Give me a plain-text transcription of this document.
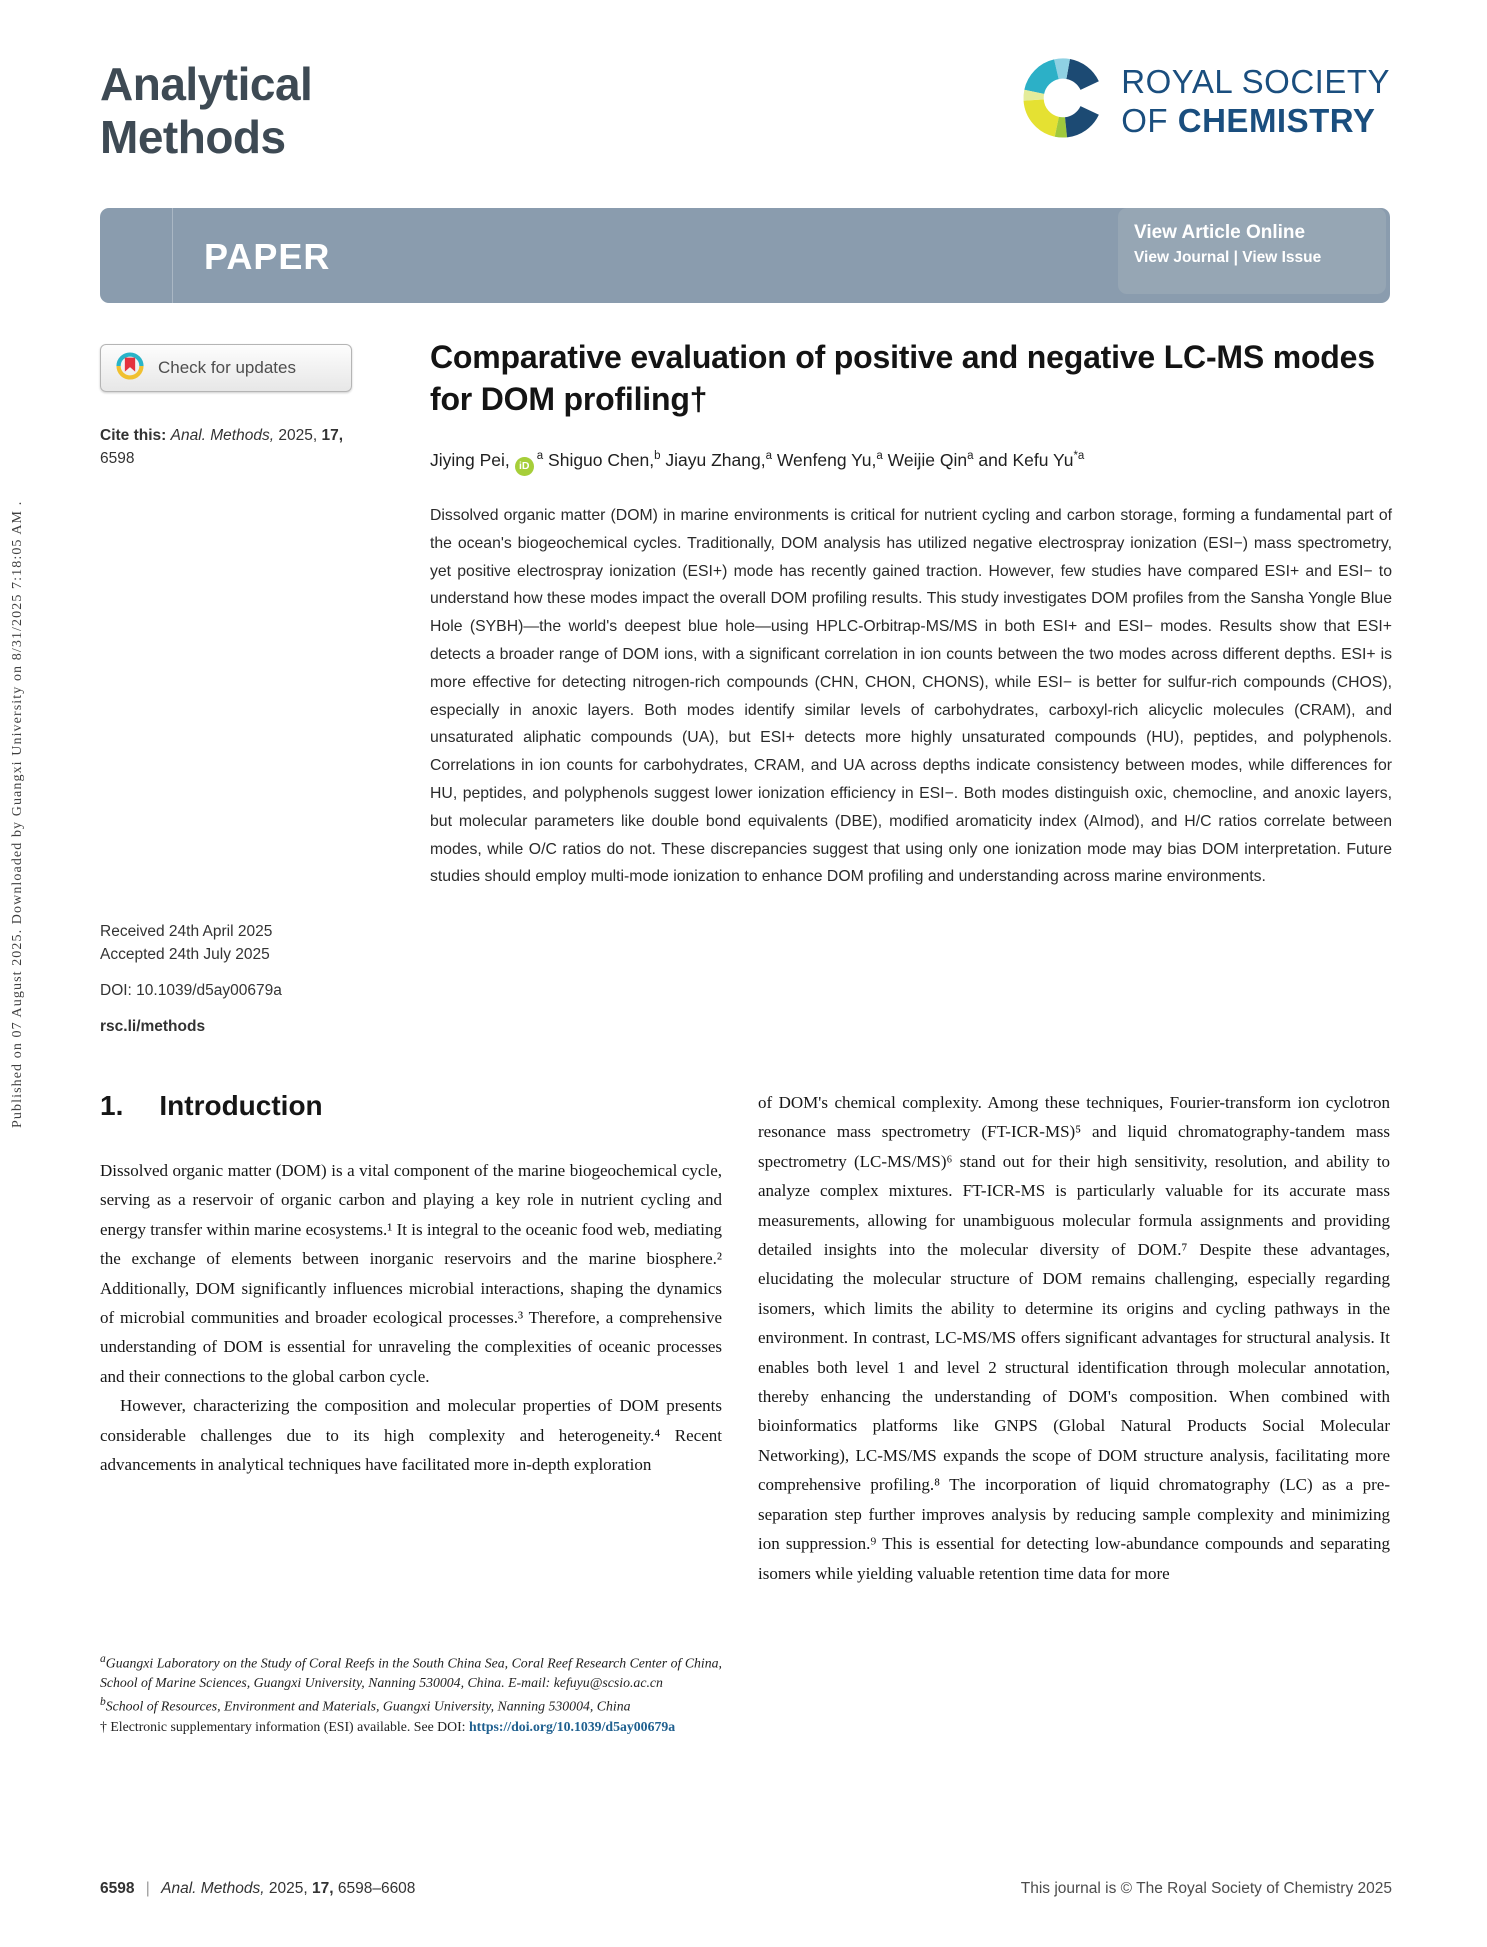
Published on 07 August 2025. Downloaded by Guangxi University on 8/31/2025 7:18:05 AM .
Analytical
Methods
ROYAL SOCIETY
OF CHEMISTRY
PAPER
View Article Online
View Journal | View Issue
Check for updates
Cite this: Anal. Methods, 2025, 17,
6598
Received 24th April 2025
Accepted 24th July 2025
DOI: 10.1039/d5ay00679a
rsc.li/methods
Comparative evaluation of positive and negative LC-MS modes for DOM profiling†
Jiying Pei, $iD^a$ Shiguo Chen,$^b$ Jiayu Zhang,$^a$ Wenfeng Yu,$^a$ Weijie Qin$^a$ and Kefu Yu$^{*a}$
Dissolved organic matter (DOM) in marine environments is critical for nutrient cycling and carbon storage, forming a fundamental part of the ocean's biogeochemical cycles. Traditionally, DOM analysis has utilized negative electrospray ionization (ESI−) mass spectrometry, yet positive electrospray ionization (ESI+) mode has recently gained traction. However, few studies have compared ESI+ and ESI− to understand how these modes impact the overall DOM profiling results. This study investigates DOM profiles from the Sansha Yongle Blue Hole (SYBH)—the world's deepest blue hole—using HPLC-Orbitrap-MS/MS in both ESI+ and ESI− modes. Results show that ESI+ detects a broader range of DOM ions, with a significant correlation in ion counts between the two modes across different depths. ESI+ is more effective for detecting nitrogen-rich compounds (CHN, CHON, CHONS), while ESI− is better for sulfur-rich compounds (CHOS), especially in anoxic layers. Both modes identify similar levels of carbohydrates, carboxyl-rich alicyclic molecules (CRAM), and unsaturated aliphatic compounds (UA), but ESI+ detects more highly unsaturated compounds (HU), peptides, and polyphenols. Correlations in ion counts for carbohydrates, CRAM, and UA across depths indicate consistency between modes, while differences for HU, peptides, and polyphenols suggest lower ionization efficiency in ESI−. Both modes distinguish oxic, chemocline, and anoxic layers, but molecular parameters like double bond equivalents (DBE), modified aromaticity index (AImod), and H/C ratios correlate between modes, while O/C ratios do not. These discrepancies suggest that using only one ionization mode may bias DOM interpretation. Future studies should employ multi-mode ionization to enhance DOM profiling and understanding across marine environments.
1. Introduction

Dissolved organic matter (DOM) is a vital component of the marine biogeochemical cycle, serving as a reservoir of organic carbon and playing a key role in nutrient cycling and energy transfer within marine ecosystems.¹ It is integral to the oceanic food web, mediating the exchange of elements between inorganic reservoirs and the marine biosphere.² Additionally, DOM significantly influences microbial interactions, shaping the dynamics of microbial communities and broader ecological processes.³ Therefore, a comprehensive understanding of DOM is essential for unraveling the complexities of oceanic processes and their connections to the global carbon cycle.

However, characterizing the composition and molecular properties of DOM presents considerable challenges due to its high complexity and heterogeneity.⁴ Recent advancements in analytical techniques have facilitated more in-depth exploration

of DOM's chemical complexity. Among these techniques, Fourier-transform ion cyclotron resonance mass spectrometry (FT-ICR-MS)⁵ and liquid chromatography-tandem mass spectrometry (LC-MS/MS)⁶ stand out for their high sensitivity, resolution, and ability to analyze complex mixtures. FT-ICR-MS is particularly valuable for its accurate mass measurements, allowing for unambiguous molecular formula assignments and providing detailed insights into the molecular diversity of DOM.⁷ Despite these advantages, elucidating the molecular structure of DOM remains challenging, especially regarding isomers, which limits the ability to determine its origins and cycling pathways in the environment. In contrast, LC-MS/MS offers significant advantages for structural analysis. It enables both level 1 and level 2 structural identification through molecular annotation, thereby enhancing the understanding of DOM's composition. When combined with bioinformatics platforms like GNPS (Global Natural Products Social Molecular Networking), LC-MS/MS expands the scope of DOM structure analysis, facilitating more comprehensive profiling.⁸ The incorporation of liquid chromatography (LC) as a pre-separation step further improves analysis by reducing sample complexity and minimizing ion suppression.⁹ This is essential for detecting low-abundance compounds and separating isomers while yielding valuable retention time data for more

$^a$Guangxi Laboratory on the Study of Coral Reefs in the South China Sea, Coral Reef Research Center of China, School of Marine Sciences, Guangxi University, Nanning 530004, China. E-mail: kefuyu@scsio.ac.cn

$^b$School of Resources, Environment and Materials, Guangxi University, Nanning 530004, China

† Electronic supplementary information (ESI) available. See DOI: https://doi.org/10.1039/d5ay00679a

6598 | Anal. Methods, 2025, 17, 6598–6608	This journal is © The Royal Society of Chemistry 2025
